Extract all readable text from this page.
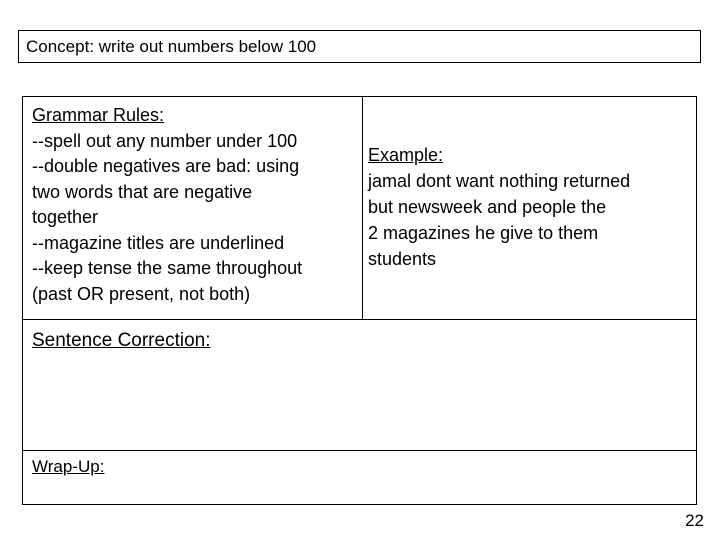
Concept: write out numbers below 100
Grammar Rules:
--spell out any number under 100
--double negatives are bad: using
two words that are negative
together
--magazine titles are underlined
--keep tense the same throughout
(past OR present, not both)
Example:
jamal dont want nothing returned
but newsweek and people the
2 magazines he give to them
students
Sentence Correction:
Wrap-Up:
22
